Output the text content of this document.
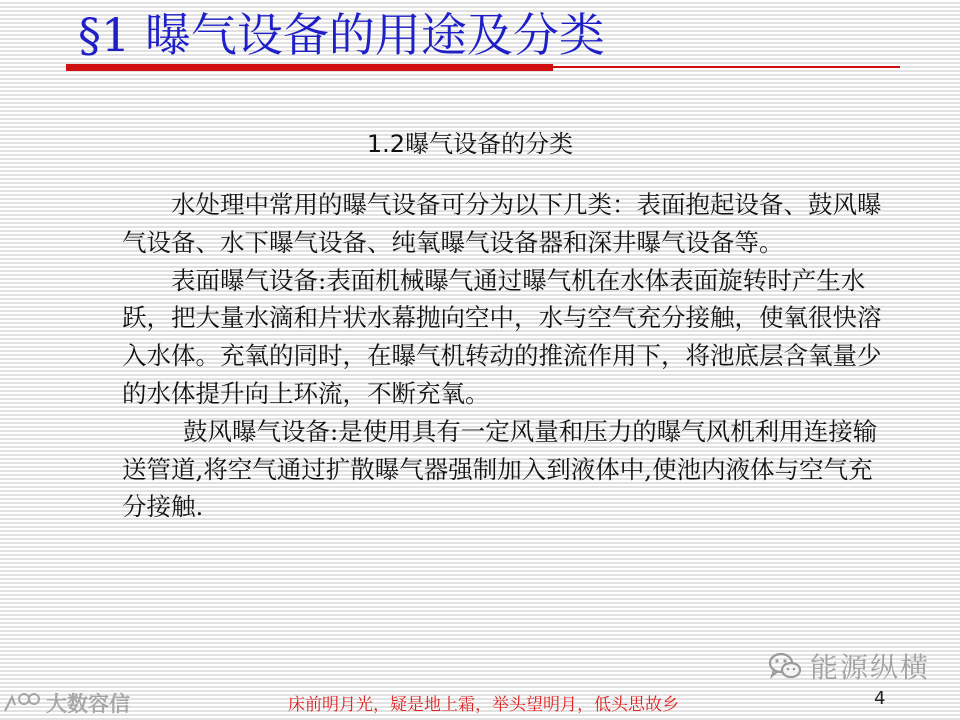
§1 曝气设备的用途及分类
1.2曝气设备的分类

水处理中常用的曝气设备可分为以下几类：表面抱起设备、鼓风曝气设备、水下曝气设备、纯氧曝气设备器和深井曝气设备等。

表面曝气设备:表面机械曝气通过曝气机在水体表面旋转时产生水跃，把大量水滴和片状水幕抛向空中，水与空气充分接触，使氧很快溶入水体。充氧的同时，在曝气机转动的推流作用下，将池底层含氧量少的水体提升向上环流，不断充氧。

鼓风曝气设备:是使用具有一定风量和压力的曝气风机利用连接输送管道,将空气通过扩散曝气器强制加入到液体中,使池内液体与空气充分接触.

能源纵横
4
大数容信	床前明月光，疑是地上霜，举头望明月，低头思故乡
